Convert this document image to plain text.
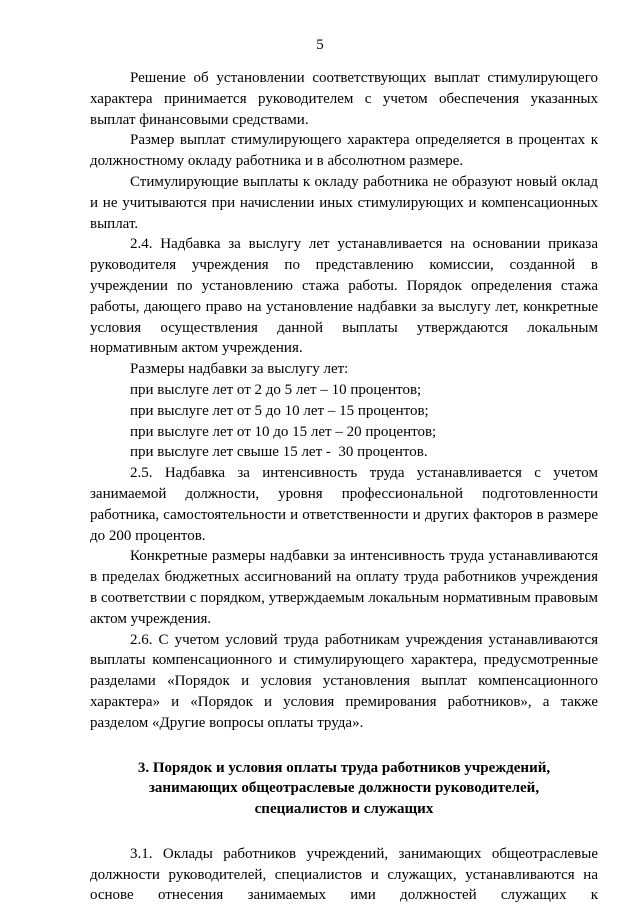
5

Решение об установлении соответствующих выплат стимулирующего характера принимается руководителем с учетом обеспечения указанных выплат финансовыми средствами.

Размер выплат стимулирующего характера определяется в процентах к должностному окладу работника и в абсолютном размере.

Стимулирующие выплаты к окладу работника не образуют новый оклад и не учитываются при начислении иных стимулирующих и компенсационных выплат.

2.4. Надбавка за выслугу лет устанавливается на основании приказа руководителя учреждения по представлению комиссии, созданной в учреждении по установлению стажа работы. Порядок определения стажа работы, дающего право на установление надбавки за выслугу лет, конкретные условия осуществления данной выплаты утверждаются локальным нормативным актом учреждения.

Размеры надбавки за выслугу лет:

при выслуге лет от 2 до 5 лет – 10 процентов;

при выслуге лет от 5 до 10 лет – 15 процентов;

при выслуге лет от 10 до 15 лет – 20 процентов;

при выслуге лет свыше 15 лет -  30 процентов.

2.5. Надбавка за интенсивность труда устанавливается с учетом занимаемой должности, уровня профессиональной подготовленности работника, самостоятельности и ответственности и других факторов в размере до 200 процентов.

Конкретные размеры надбавки за интенсивность труда устанавливаются в пределах бюджетных ассигнований на оплату труда работников учреждения в соответствии с порядком, утверждаемым локальным нормативным правовым актом учреждения.

2.6. С учетом условий труда работникам учреждения устанавливаются выплаты компенсационного и стимулирующего характера, предусмотренные разделами «Порядок и условия установления выплат компенсационного характера» и «Порядок и условия премирования работников», а также разделом «Другие вопросы оплаты труда».

3. Порядок и условия оплаты труда работников учреждений,
занимающих общеотраслевые должности руководителей,
специалистов и служащих

3.1. Оклады работников учреждений, занимающих общеотраслевые должности руководителей, специалистов и служащих, устанавливаются на основе отнесения занимаемых ими должностей служащих к
